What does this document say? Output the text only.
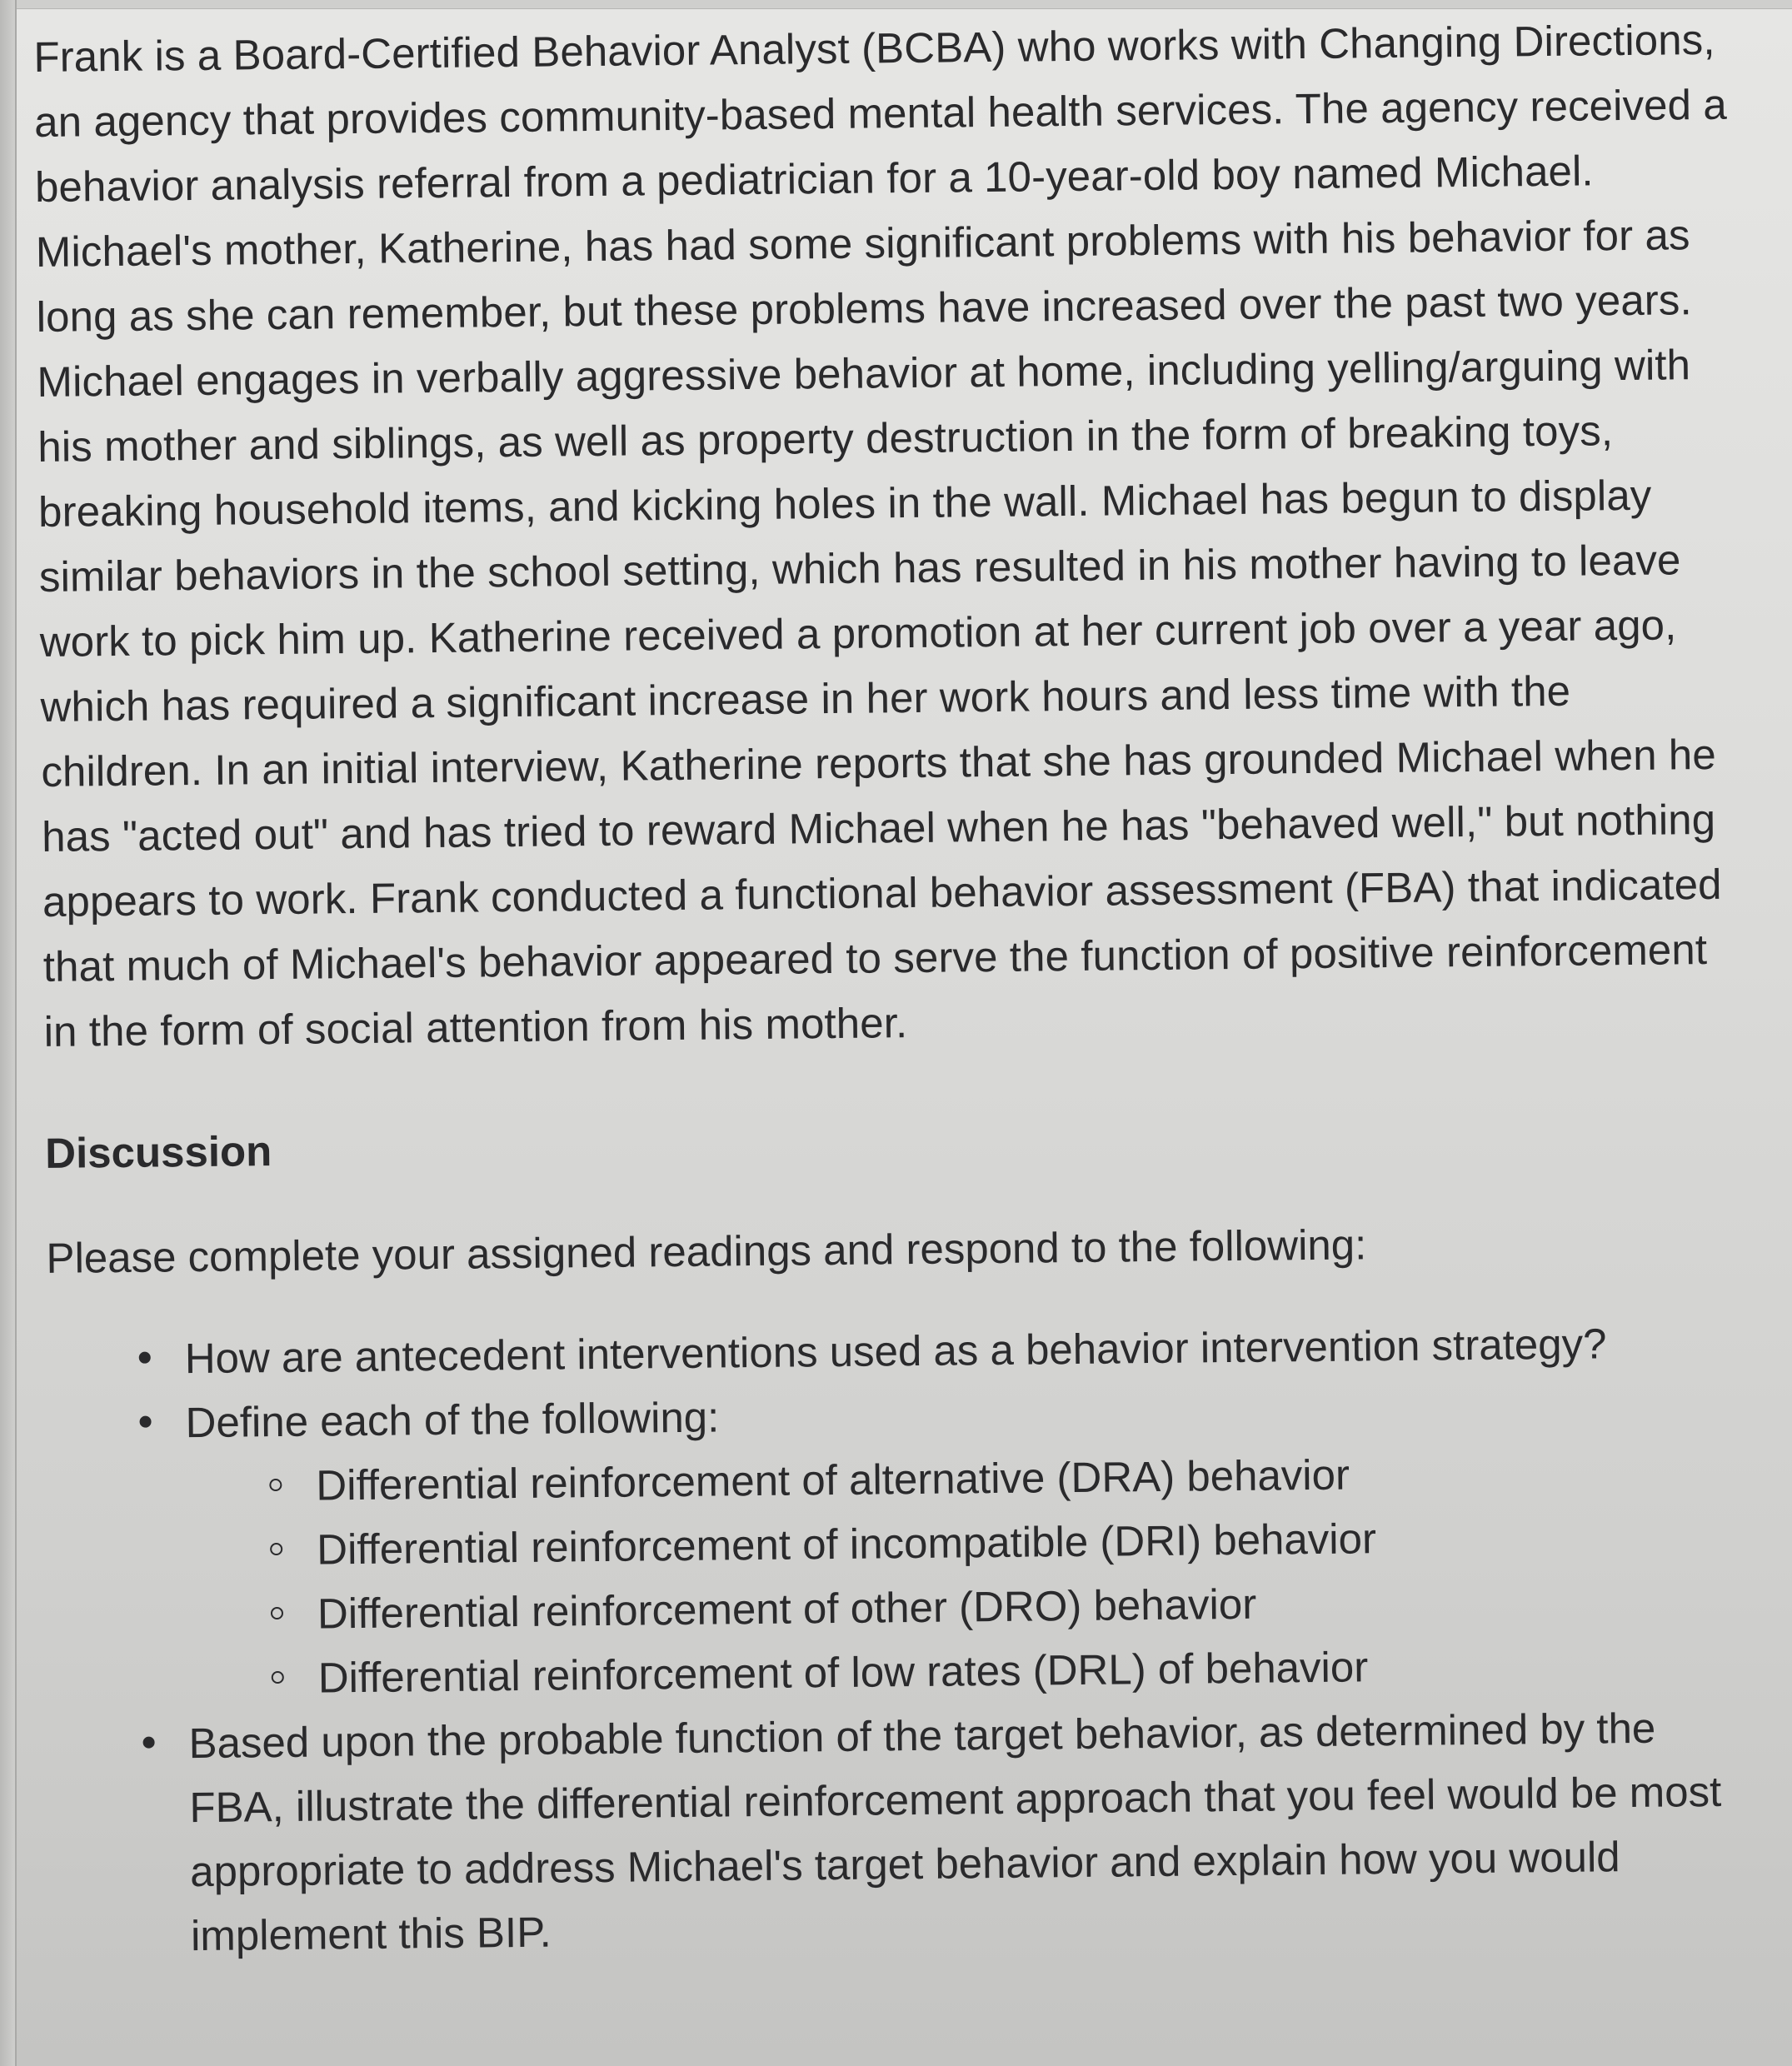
Frank is a Board-Certified Behavior Analyst (BCBA) who works with Changing Directions, an agency that provides community-based mental health services. The agency received a behavior analysis referral from a pediatrician for a 10-year-old boy named Michael. Michael's mother, Katherine, has had some significant problems with his behavior for as long as she can remember, but these problems have increased over the past two years. Michael engages in verbally aggressive behavior at home, including yelling/arguing with his mother and siblings, as well as property destruction in the form of breaking toys, breaking household items, and kicking holes in the wall. Michael has begun to display similar behaviors in the school setting, which has resulted in his mother having to leave work to pick him up. Katherine received a promotion at her current job over a year ago, which has required a significant increase in her work hours and less time with the children. In an initial interview, Katherine reports that she has grounded Michael when he has "acted out" and has tried to reward Michael when he has "behaved well," but nothing appears to work. Frank conducted a functional behavior assessment (FBA) that indicated that much of Michael's behavior appeared to serve the function of positive reinforcement in the form of social attention from his mother.

Discussion
Please complete your assigned readings and respond to the following:
How are antecedent interventions used as a behavior intervention strategy?
Define each of the following:
Differential reinforcement of alternative (DRA) behavior
Differential reinforcement of incompatible (DRI) behavior
Differential reinforcement of other (DRO) behavior
Differential reinforcement of low rates (DRL) of behavior
Based upon the probable function of the target behavior, as determined by the FBA, illustrate the differential reinforcement approach that you feel would be most appropriate to address Michael's target behavior and explain how you would implement this BIP.
